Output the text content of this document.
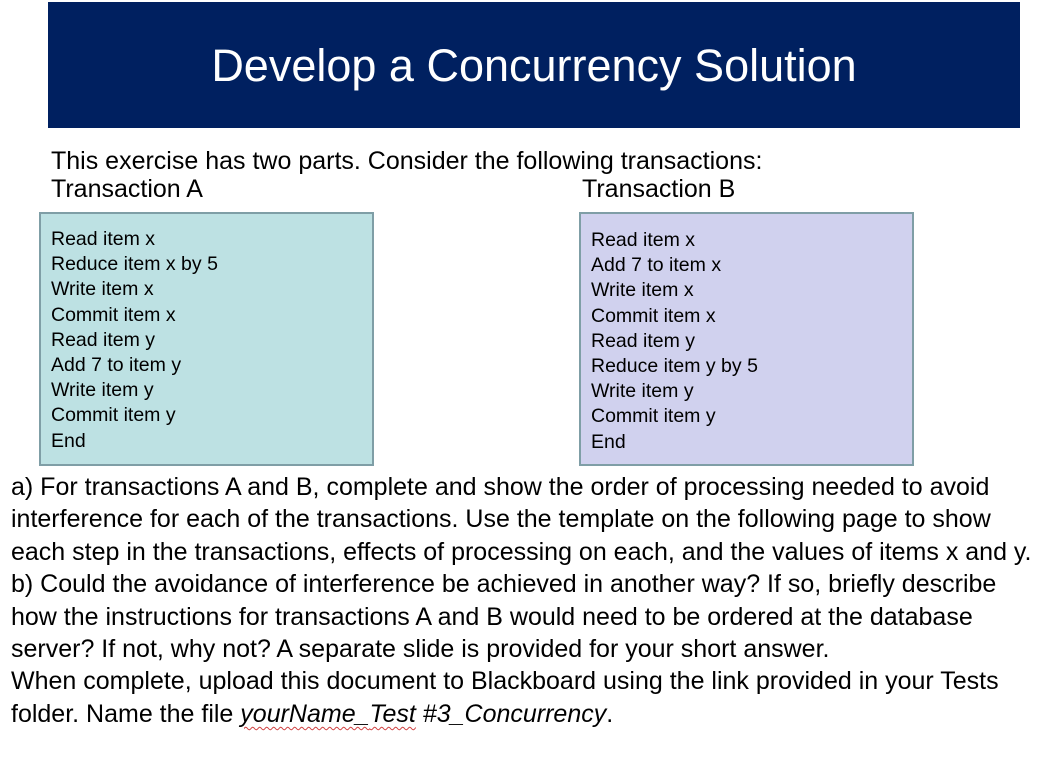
Develop a Concurrency Solution
This exercise has two parts. Consider the following transactions:
Transaction A	Transaction B
Read item x
Reduce item x by 5
Write item x
Commit item x
Read item y
Add 7 to item y
Write item y
Commit item y
End
Read item x
Add 7 to item x
Write item x
Commit item x
Read item y
Reduce item y by 5
Write item y
Commit item y
End

a) For transactions A and B, complete and show the order of processing needed to avoid interference for each of the transactions. Use the template on the following page to show each step in the transactions, effects of processing on each, and the values of items x and y.

b) Could the avoidance of interference be achieved in another way? If so, briefly describe how the instructions for transactions A and B would need to be ordered at the database server? If not, why not? A separate slide is provided for your short answer.

When complete, upload this document to Blackboard using the link provided in your Tests folder. Name the file yourName_Test #3_Concurrency.
